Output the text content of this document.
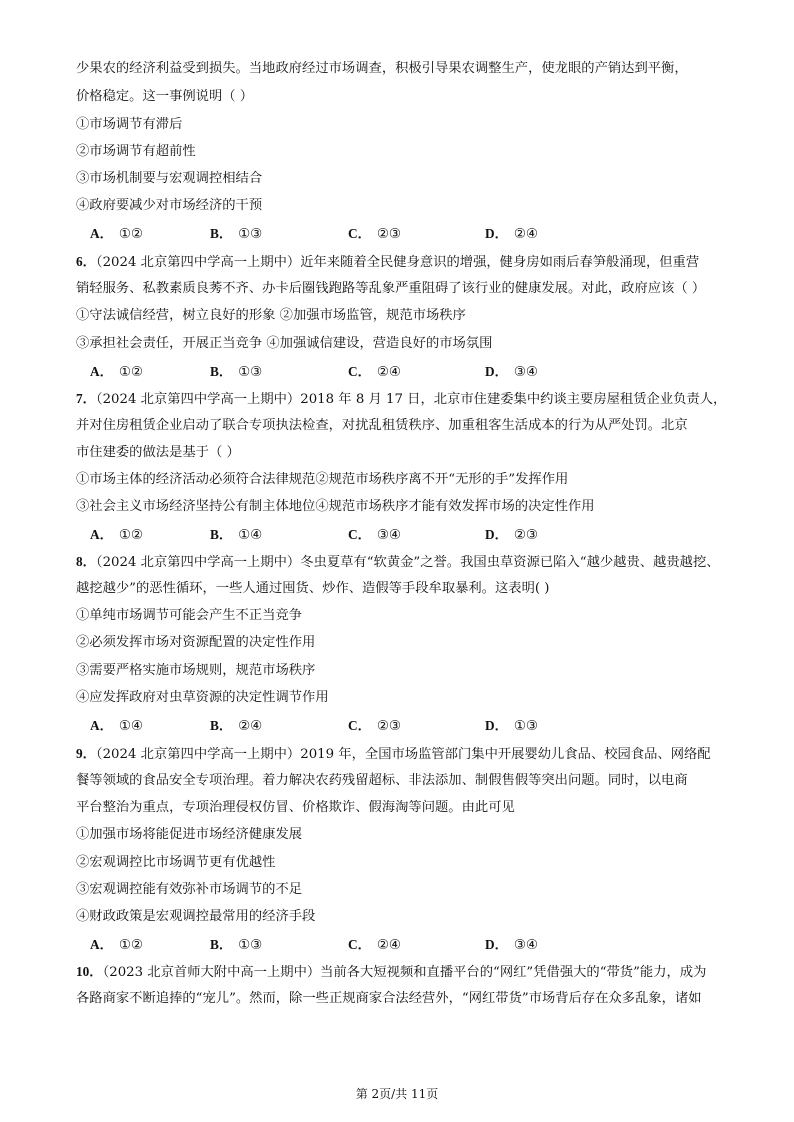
少果农的经济利益受到损失。当地政府经过市场调查，积极引导果农调整生产，使龙眼的产销达到平衡，
价格稳定。这一事例说明（ ）
①市场调节有滞后
②市场调节有超前性
③市场机制要与宏观调控相结合
④政府要减少对市场经济的干预
A． ①②	B． ①③	C． ②③	D． ②④
6．（2024 北京第四中学高一上期中）近年来随着全民健身意识的增强，健身房如雨后春笋般涌现，但重营
销轻服务、私教素质良莠不齐、办卡后圈钱跑路等乱象严重阻碍了该行业的健康发展。对此，政府应该（ ）
①守法诚信经营，树立良好的形象 ②加强市场监管，规范市场秩序
③承担社会责任，开展正当竞争 ④加强诚信建设，营造良好的市场氛围
A． ①②	B． ①③	C． ②④	D． ③④
7．（2024 北京第四中学高一上期中）2018 年 8 月 17 日，北京市住建委集中约谈主要房屋租赁企业负责人，
并对住房租赁企业启动了联合专项执法检查，对扰乱租赁秩序、加重租客生活成本的行为从严处罚。北京
市住建委的做法是基于（ ）
①市场主体的经济活动必须符合法律规范②规范市场秩序离不开“无形的手”发挥作用
③社会主义市场经济坚持公有制主体地位④规范市场秩序才能有效发挥市场的决定性作用
A． ①②	B． ①④	C． ③④	D． ②③
8．（2024 北京第四中学高一上期中）冬虫夏草有“软黄金”之誉。我国虫草资源已陷入“越少越贵、越贵越挖、
越挖越少”的恶性循环，一些人通过囤货、炒作、造假等手段牟取暴利。这表明( )
①单纯市场调节可能会产生不正当竞争
②必须发挥市场对资源配置的决定性作用
③需要严格实施市场规则，规范市场秩序
④应发挥政府对虫草资源的决定性调节作用
A． ①④	B． ②④	C． ②③	D． ①③
9．（2024 北京第四中学高一上期中）2019 年，全国市场监管部门集中开展婴幼儿食品、校园食品、网络配
餐等领域的食品安全专项治理。着力解决农药残留超标、非法添加、制假售假等突出问题。同时，以电商
平台整治为重点，专项治理侵权仿冒、价格欺诈、假海淘等问题。由此可见
①加强市场将能促进市场经济健康发展
②宏观调控比市场调节更有优越性
③宏观调控能有效弥补市场调节的不足
④财政政策是宏观调控最常用的经济手段
A． ①②	B． ①③	C． ②④	D． ③④
10．（2023 北京首师大附中高一上期中）当前各大短视频和直播平台的“网红”凭借强大的“带货”能力，成为
各路商家不断追捧的“宠儿”。然而，除一些正规商家合法经营外，“网红带货”市场背后存在众多乱象，诸如
第 2页/共 11页
